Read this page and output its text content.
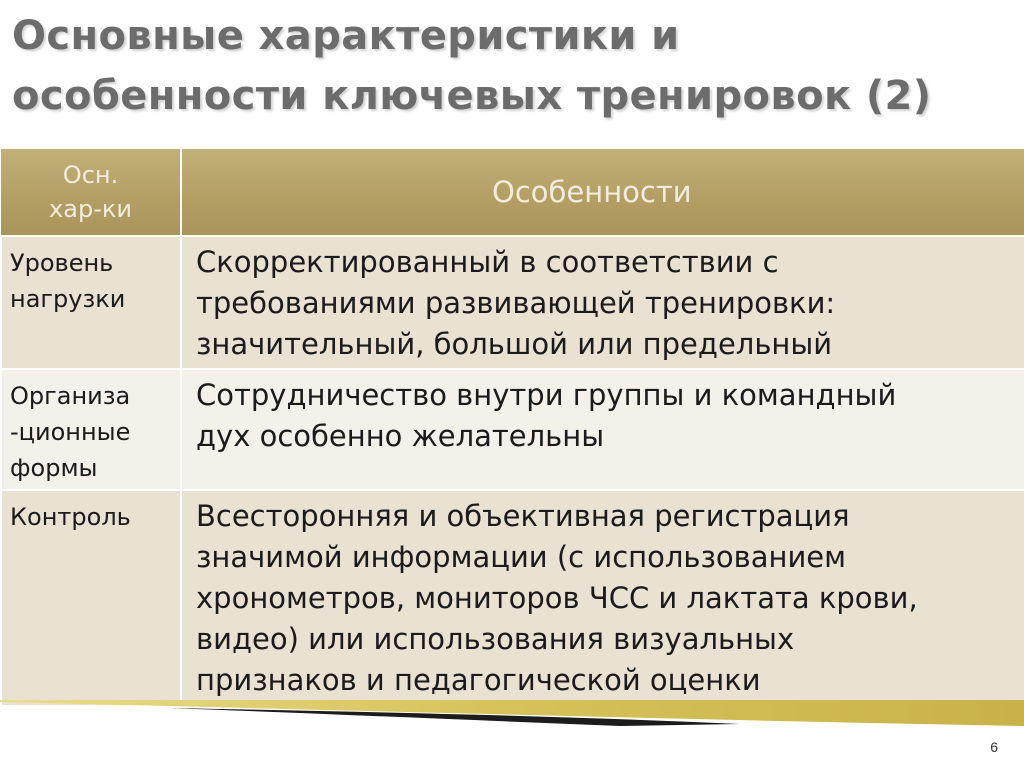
Основные характеристики и
особенности ключевых тренировок (2)
Осн.
хар-ки	Особенности

Уровень
нагрузки	Скорректированный в соответствии с
требованиями развивающей тренировки:
значительный, большой или предельный

Организа
-ционные
формы	Сотрудничество внутри группы и командный
дух особенно желательны

Контроль	Всесторонняя и объективная регистрация
значимой информации (с использованием
хронометров, мониторов ЧСС и лактата крови,
видео) или использования визуальных
признаков и педагогической оценки
6
